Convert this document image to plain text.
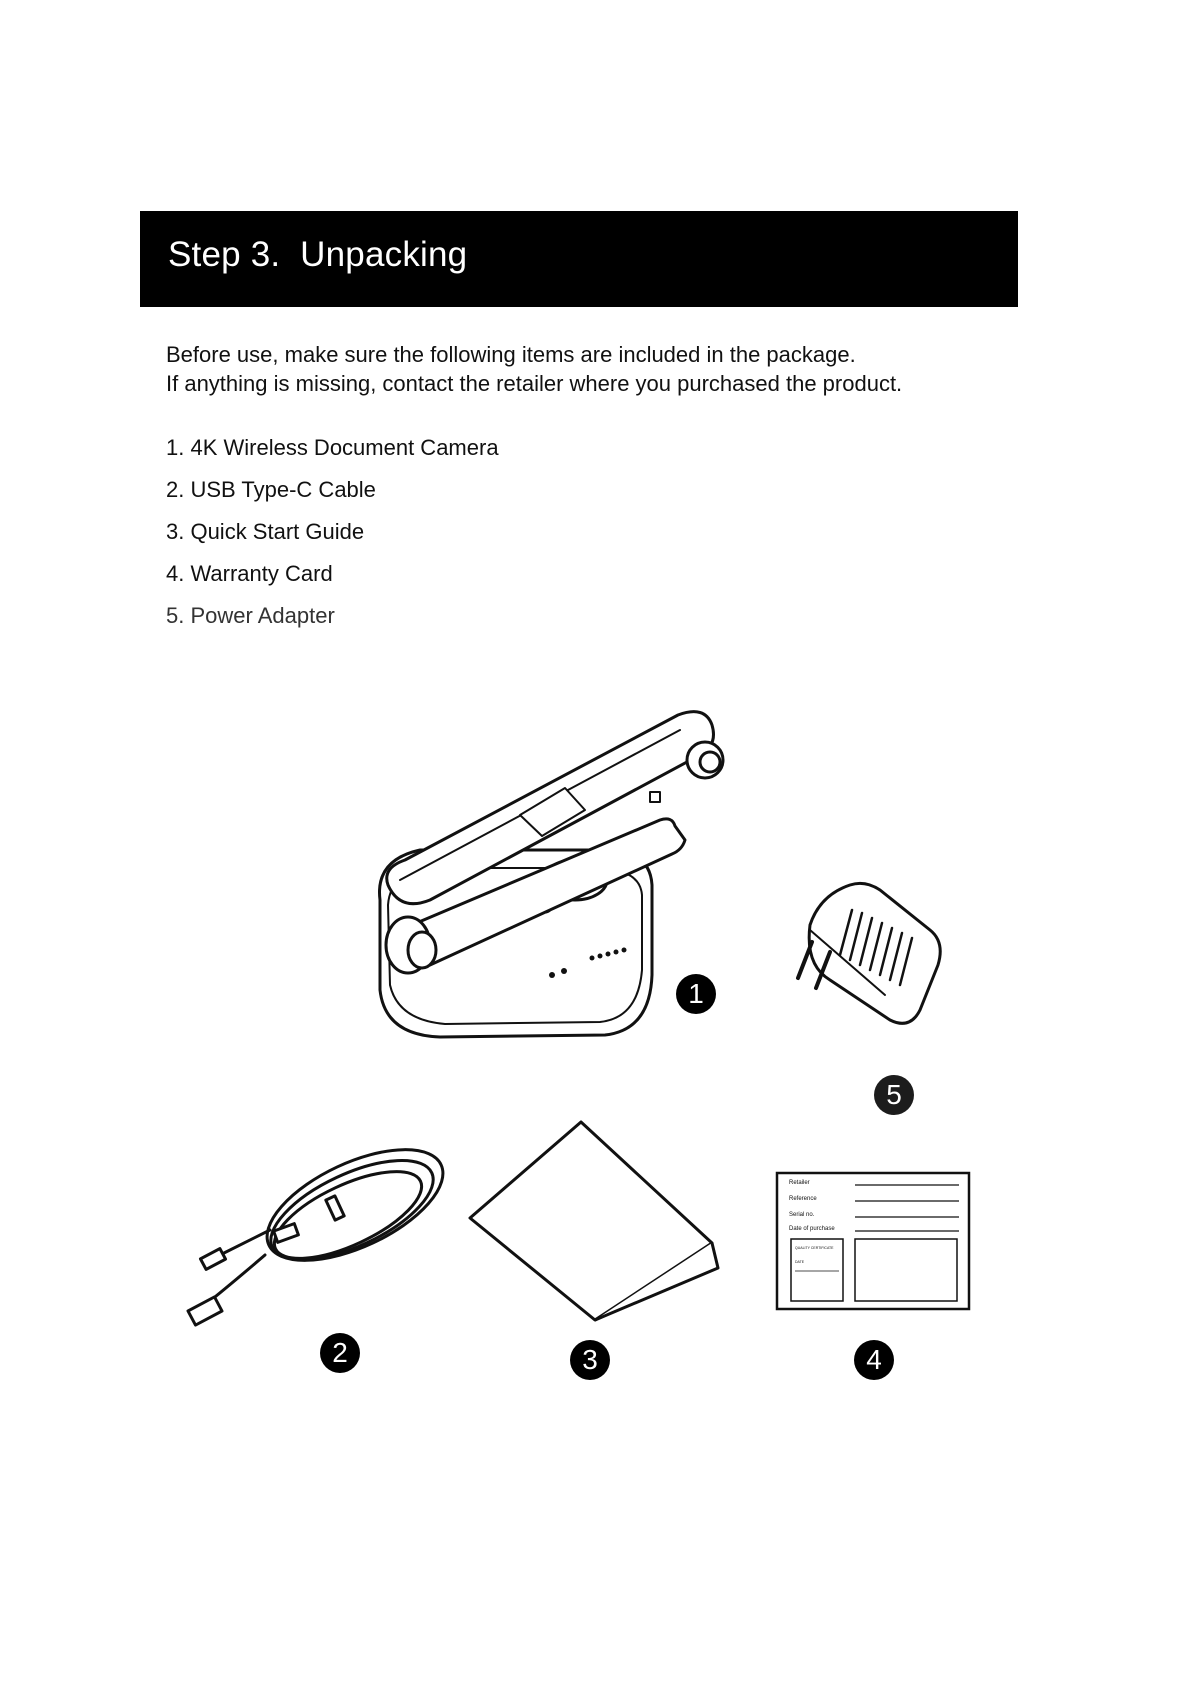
Step 3.  Unpacking
Before use, make sure the following items are included in the package.
If anything is missing, contact the retailer where you purchased the product.
1. 4K Wireless Document Camera
2. USB Type-C Cable
3. Quick Start Guide
4. Warranty Card
5. Power Adapter
1
5
2	3
Retailer
Reference
Serial no.
Date of purchase
QUALITY CERTIFICATE
DATE
4
